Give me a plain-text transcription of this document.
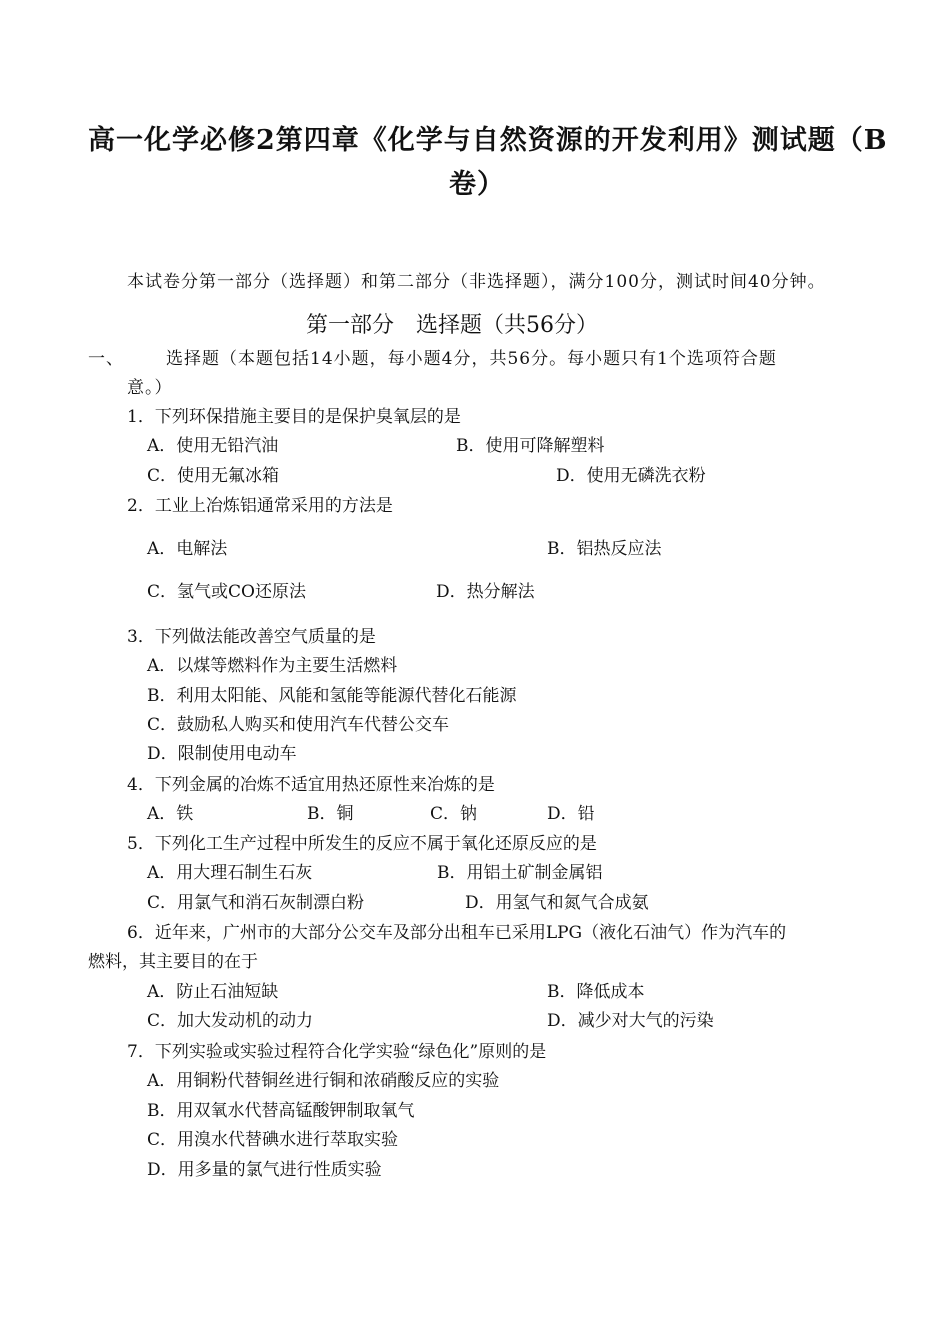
高一化学必修2第四章《化学与自然资源的开发利用》测试题（B
卷）
本试卷分第一部分（选择题）和第二部分（非选择题），满分100分，测试时间40分钟。
第一部分　选择题（共56分）
一、 选择题（本题包括14小题，每小题4分，共56分。每小题只有1个选项符合题
意。）
1．下列环保措施主要目的是保护臭氧层的是
A．使用无铅汽油	B．使用可降解塑料
C．使用无氟冰箱	D．使用无磷洗衣粉
2．工业上冶炼铝通常采用的方法是
A．电解法	B．铝热反应法
C．氢气或CO还原法	D．热分解法
3．下列做法能改善空气质量的是
A．以煤等燃料作为主要生活燃料
B．利用太阳能、风能和氢能等能源代替化石能源
C．鼓励私人购买和使用汽车代替公交车
D．限制使用电动车
4．下列金属的冶炼不适宜用热还原性来冶炼的是
A．铁	B．铜	C．钠	D．铅
5．下列化工生产过程中所发生的反应不属于氧化还原反应的是
A．用大理石制生石灰	B．用铝土矿制金属铝
C．用氯气和消石灰制漂白粉	D．用氢气和氮气合成氨
6．近年来，广州市的大部分公交车及部分出租车已采用LPG（液化石油气）作为汽车的
燃料，其主要目的在于
A．防止石油短缺	B．降低成本
C．加大发动机的动力	D．减少对大气的污染
7．下列实验或实验过程符合化学实验“绿色化”原则的是
A．用铜粉代替铜丝进行铜和浓硝酸反应的实验
B．用双氧水代替高锰酸钾制取氧气
C．用溴水代替碘水进行萃取实验
D．用多量的氯气进行性质实验
